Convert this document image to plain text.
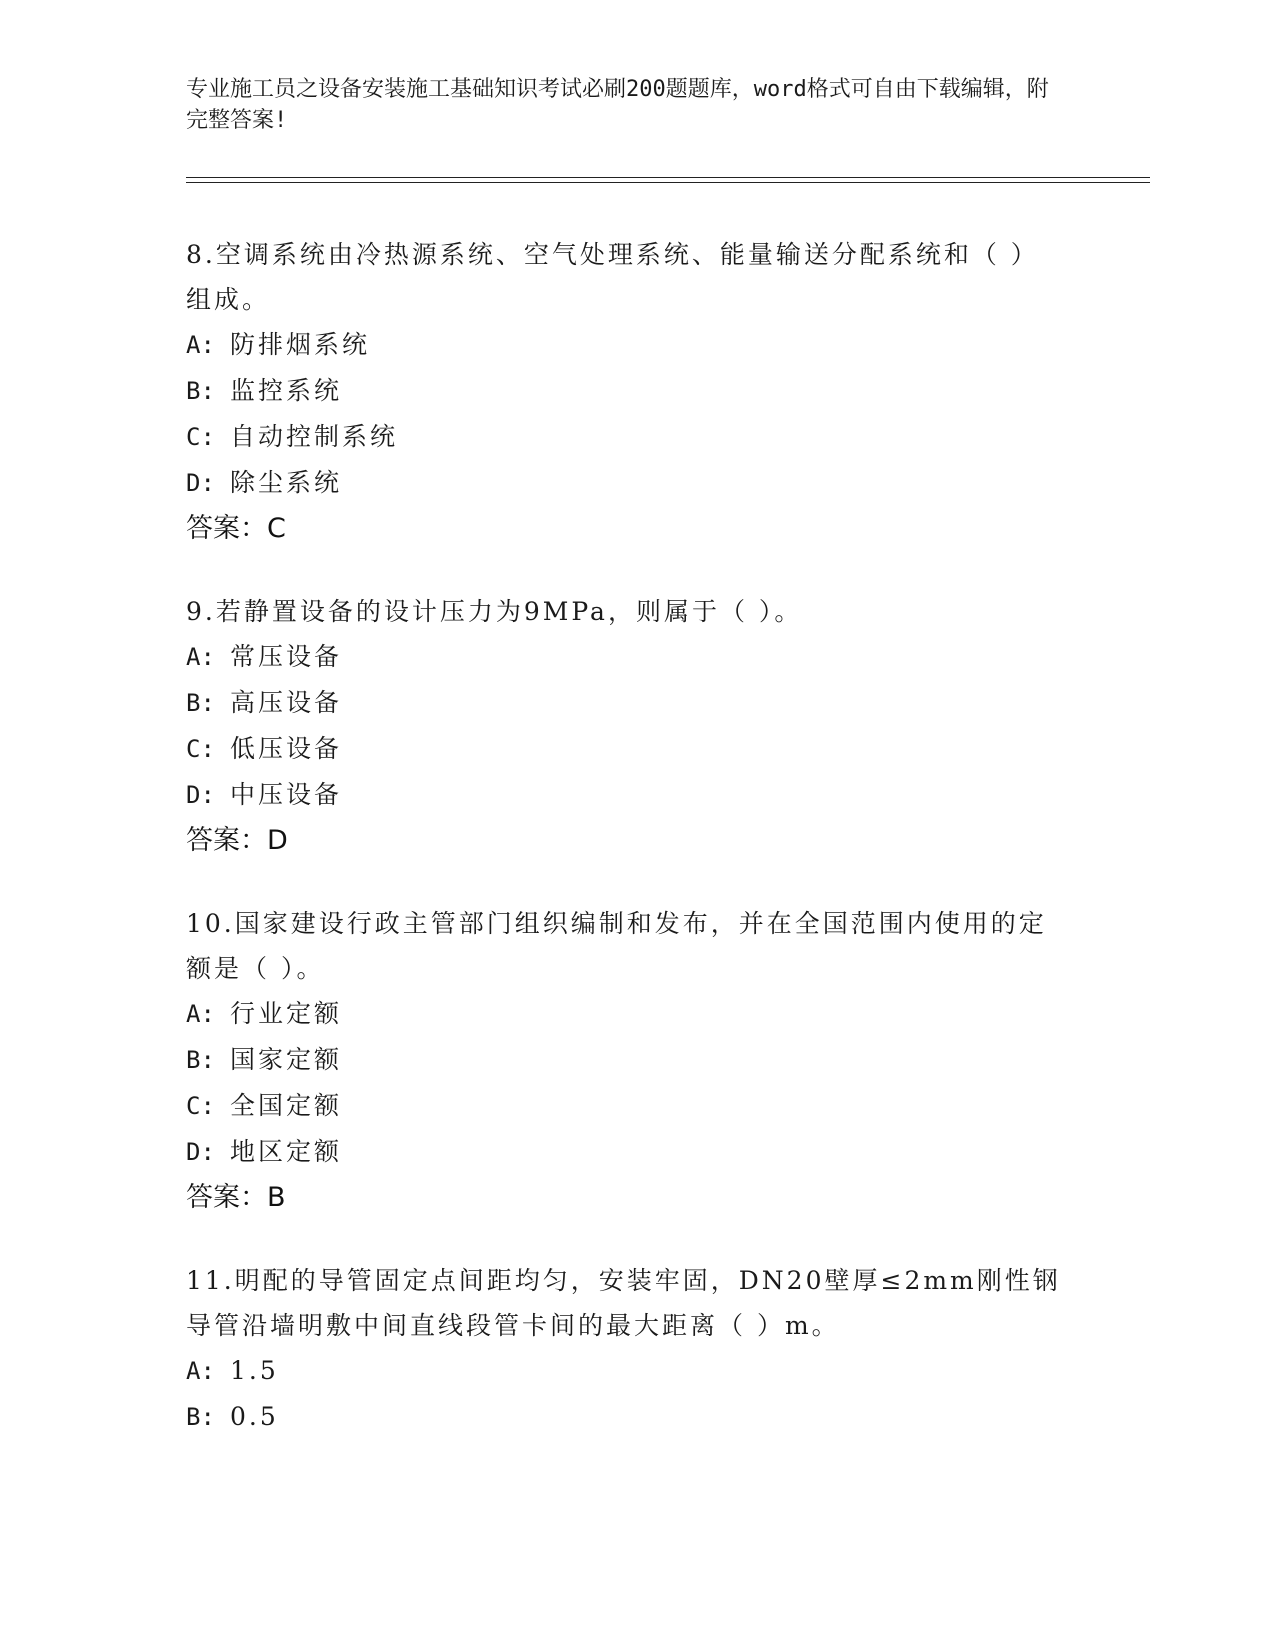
专业施工员之设备安装施工基础知识考试必刷200题题库，word格式可自由下载编辑，附完整答案!
8.空调系统由冷热源系统、空气处理系统、能量输送分配系统和（ ）组成。
A: 防排烟系统
B: 监控系统
C: 自动控制系统
D: 除尘系统
答案：C
9.若静置设备的设计压力为9MPa，则属于（ ）。
A: 常压设备
B: 高压设备
C: 低压设备
D: 中压设备
答案：D
10.国家建设行政主管部门组织编制和发布，并在全国范围内使用的定额是（ ）。
A: 行业定额
B: 国家定额
C: 全国定额
D: 地区定额
答案：B
11.明配的导管固定点间距均匀，安装牢固，DN20壁厚≤2mm刚性钢导管沿墙明敷中间直线段管卡间的最大距离（ ）m。
A: 1.5
B: 0.5
